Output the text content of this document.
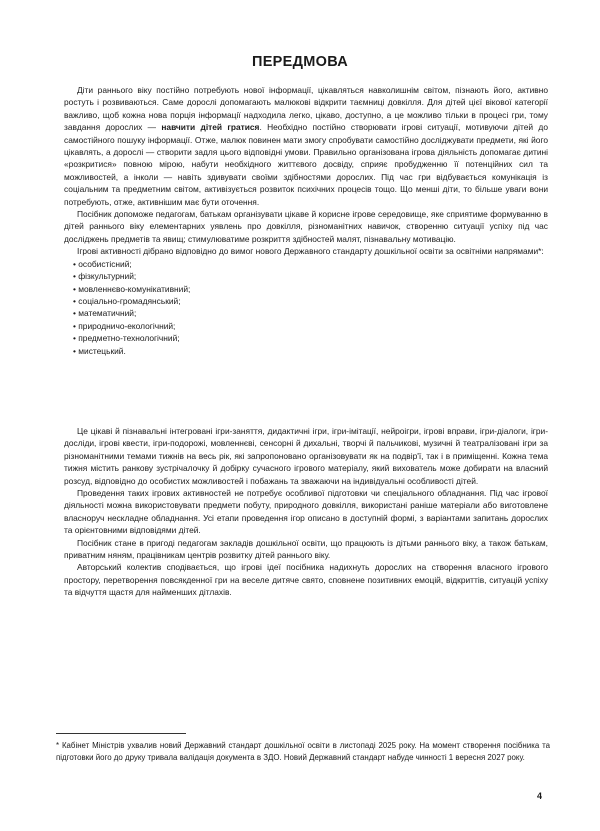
ПЕРЕДМОВА

Діти раннього віку постійно потребують нової інформації, цікавляться навколишнім світом, пізнають його, активно ростуть і розвиваються. Саме дорослі допомагають малюкові відкрити таємниці довкілля. Для дітей цієї вікової категорії важливо, щоб кожна нова порція інформації надходила легко, цікаво, доступно, а це можливо тільки в процесі гри, тому завдання дорослих — навчити дітей гратися. Необхідно постійно створювати ігрові ситуації, мотивуючи дітей до самостійного пошуку інформації. Отже, малюк повинен мати змогу спробувати самостійно досліджувати предмети, які його цікавлять, а дорослі — створити задля цього відповідні умови. Правильно організована ігрова діяльність допомагає дитині «розкритися» повною мірою, набути необхідного життєвого досвіду, сприяє пробудженню її потенційних сил та можливостей, а інколи — навіть здивувати своїми здібностями дорослих. Під час гри відбувається комунікація із соціальним та предметним світом, активізується розвиток психічних процесів тощо. Що менші діти, то більше уваги вони потребують, отже, активнішим має бути оточення.

Посібник допоможе педагогам, батькам організувати цікаве й корисне ігрове середовище, яке сприятиме формуванню в дітей раннього віку елементарних уявлень про довкілля, різноманітних навичок, створенню ситуації успіху під час досліджень предметів та явищ; стимулюватиме розкриття здібностей малят, пізнавальну мотивацію.

Ігрові активності дібрано відповідно до вимог нового Державного стандарту дошкільної освіти за освітніми напрямами*:

• особистісний;
• фізкультурний;
• мовленнєво-комунікативний;
• соціально-громадянський;
• математичний;
• природничо-екологічний;
• предметно-технологічний;
• мистецький.

Це цікаві й пізнавальні інтегровані ігри-заняття, дидактичні ігри, ігри-імітації, нейроігри, ігрові вправи, ігри-діалоги, ігри-досліди, ігрові квести, ігри-подорожі, мовленнєві, сенсорні й дихальні, творчі й пальчикові, музичні й театралізовані ігри за різноманітними темами тижнів на весь рік, які запропоновано організовувати як на подвір'ї, так і в приміщенні. Кожна тема тижня містить ранкову зустрічалочку й добірку сучасного ігрового матеріалу, який вихователь може добирати на власний розсуд, відповідно до особистих можливостей і побажань та зважаючи на індивідуальні особливості дітей.

Проведення таких ігрових активностей не потребує особливої підготовки чи спеціального обладнання. Під час ігрової діяльності можна використовувати предмети побуту, природного довкілля, використані раніше матеріали або виготовлене власноруч нескладне обладнання. Усі етапи проведення ігор описано в доступній формі, з варіантами запитань дорослих та орієнтовними відповідями дітей.

Посібник стане в пригоді педагогам закладів дошкільної освіти, що працюють із дітьми раннього віку, а також батькам, приватним няням, працівникам центрів розвитку дітей раннього віку.

Авторський колектив сподівається, що ігрові ідеї посібника надихнуть дорослих на створення власного ігрового простору, перетворення повсякденної гри на веселе дитяче свято, сповнене позитивних емоцій, відкриттів, ситуацій успіху та відчуття щастя для найменших дітлахів.

* Кабінет Міністрів ухвалив новий Державний стандарт дошкільної освіти в листопаді 2025 року. На момент створення посібника та підготовки його до друку тривала валідація документа в ЗДО. Новий Державний стандарт набуде чинності 1 вересня 2027 року.
4
